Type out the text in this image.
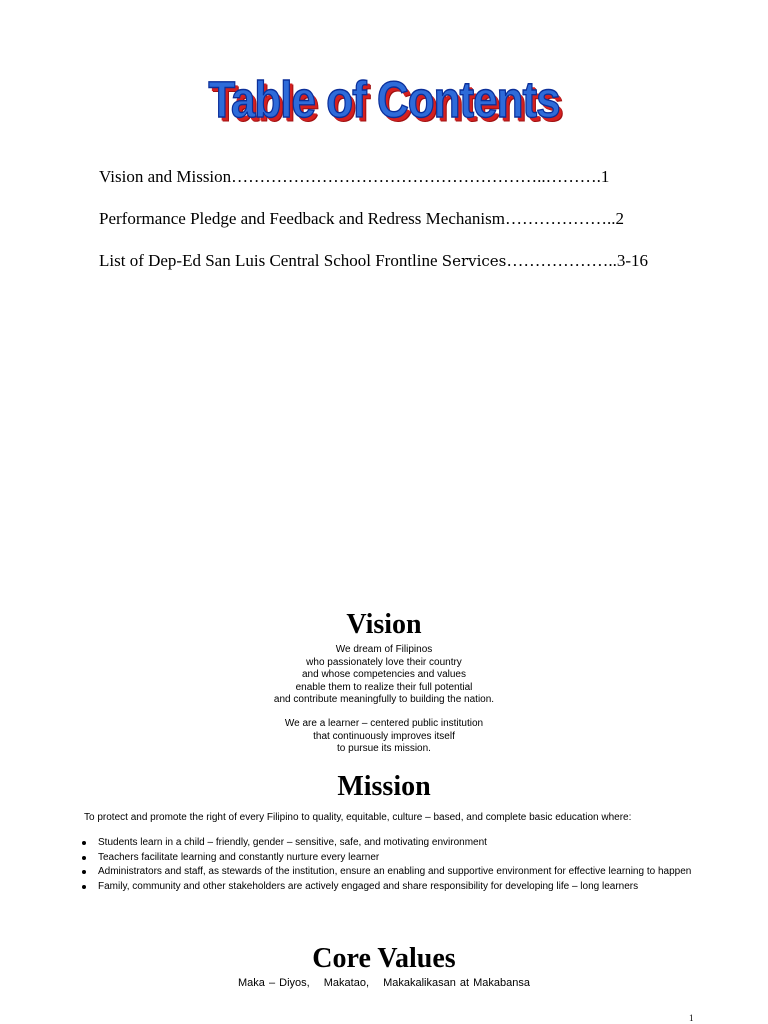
Table of Contents
Vision and Mission………………………………………………..……….1
Performance Pledge and Feedback and Redress Mechanism………………..2
List of Dep-Ed San Luis Central School Frontline Services………………..3-16
Vision
We dream of Filipinos
who passionately love their country
and whose competencies and values
enable them to realize their full potential
and contribute meaningfully to building the nation.
We are a learner – centered public institution
that continuously improves itself
to pursue its mission.
Mission
To protect and promote the right of every Filipino to quality, equitable, culture – based, and complete basic education where:
Students learn in a child – friendly, gender – sensitive, safe, and motivating environment
Teachers facilitate learning and constantly nurture every learner
Administrators and staff, as stewards of the institution, ensure an enabling and supportive environment for effective learning to happen
Family, community and other stakeholders are actively engaged and share responsibility for developing life – long learners
Core Values
Maka – Diyos, Makatao, Makakalikasan at Makabansa
1
